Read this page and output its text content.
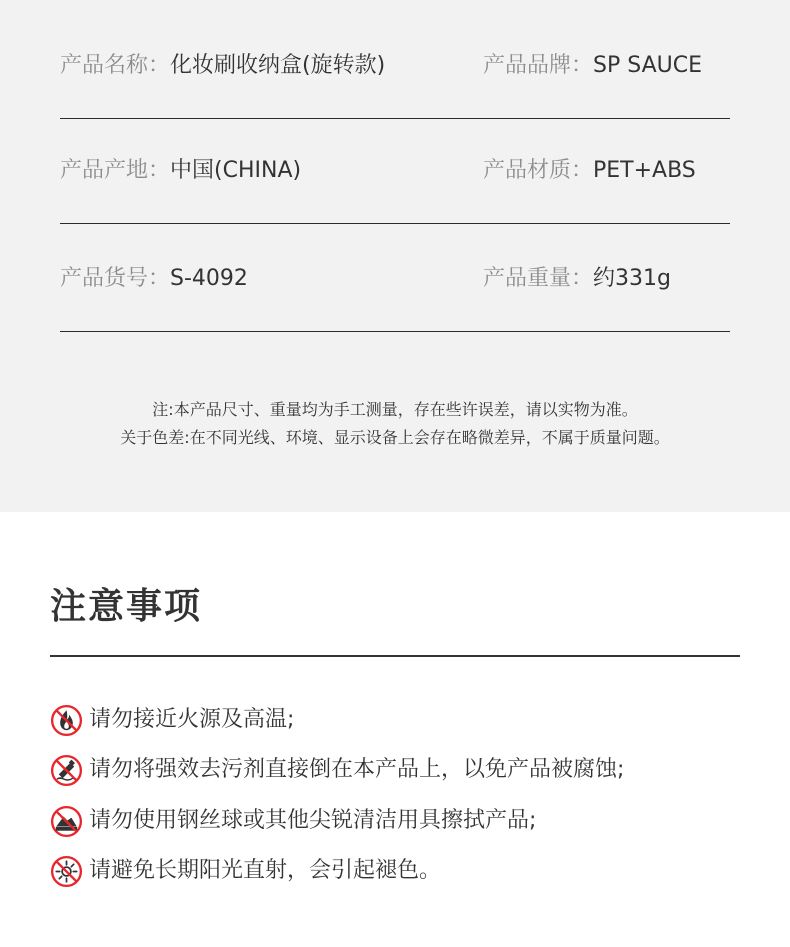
产品名称：化妆刷收纳盒(旋转款)	产品品牌：SP SAUCE
产品产地：中国(CHINA)	产品材质：PET+ABS
产品货号：S-4092	产品重量：约331g
注:本产品尺寸、重量均为手工测量，存在些许误差，请以实物为准。
关于色差:在不同光线、环境、显示设备上会存在略微差异，不属于质量问题。
注意事项
请勿接近火源及高温;
请勿将强效去污剂直接倒在本产品上，以免产品被腐蚀;
请勿使用钢丝球或其他尖锐清洁用具擦拭产品;
请避免长期阳光直射，会引起褪色。
